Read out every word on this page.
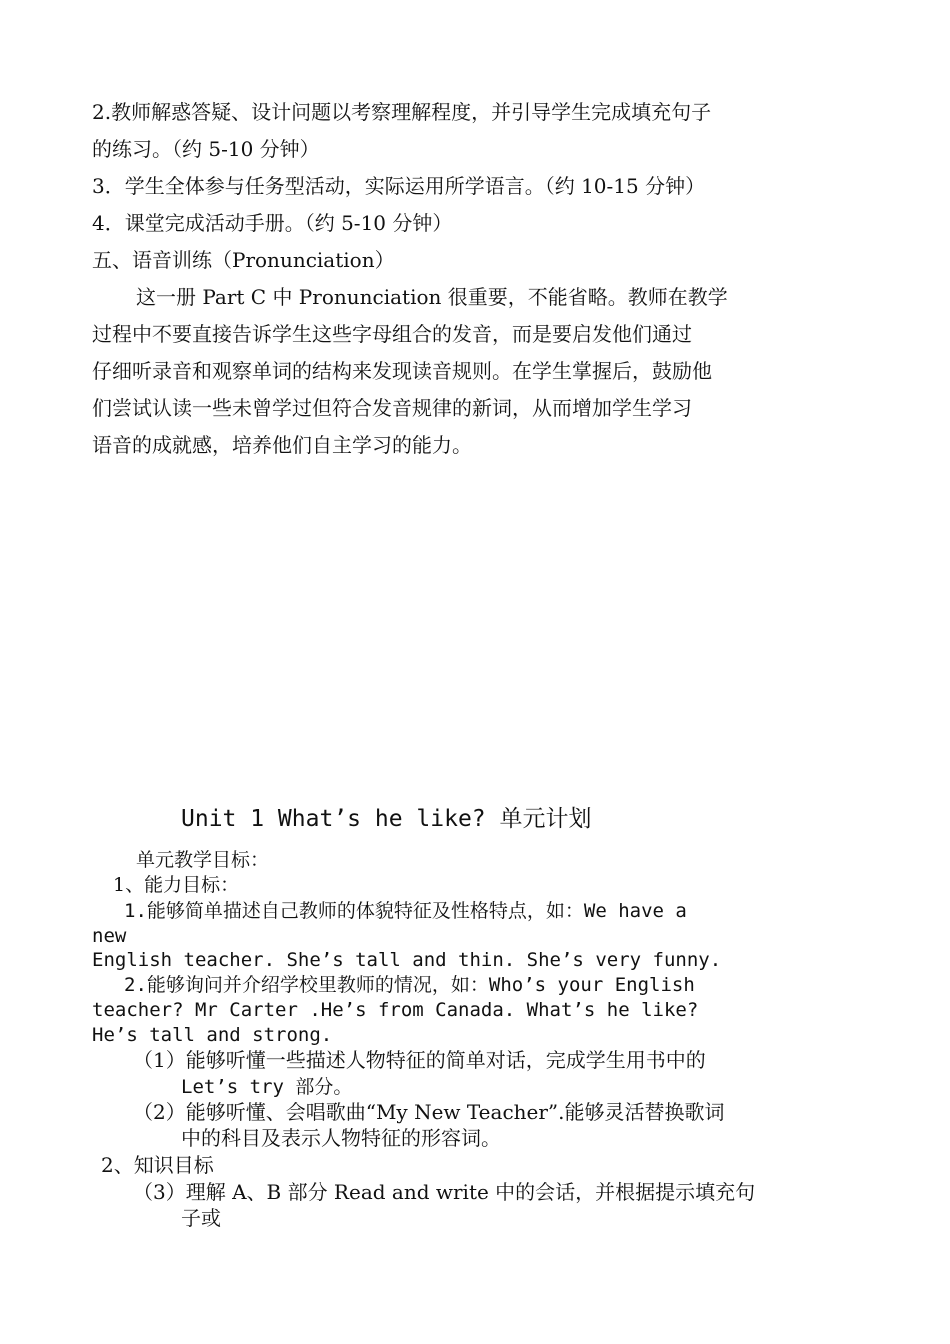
2.教师解惑答疑、设计问题以考察理解程度，并引导学生完成填充句子
的练习。（约 5-10 分钟）
3．学生全体参与任务型活动，实际运用所学语言。（约 10-15 分钟）
4．课堂完成活动手册。（约 5-10 分钟）
五、语音训练（Pronunciation）
这一册 Part C 中 Pronunciation 很重要，不能省略。教师在教学
过程中不要直接告诉学生这些字母组合的发音，而是要启发他们通过
仔细听录音和观察单词的结构来发现读音规则。在学生掌握后，鼓励他
们尝试认读一些未曾学过但符合发音规律的新词，从而增加学生学习
语音的成就感，培养他们自主学习的能力。
Unit 1 What’s he like? 单元计划
单元教学目标：
1、能力目标：
1.能够简单描述自己教师的体貌特征及性格特点，如：We have a
new
English teacher. She’s tall and thin. She’s very funny.
2.能够询问并介绍学校里教师的情况，如：Who’s your English
teacher? Mr Carter .He’s from Canada. What’s he like?
He’s tall and strong.
（1）能够听懂一些描述人物特征的简单对话，完成学生用书中的
Let’s try 部分。
（2）能够听懂、会唱歌曲“My New Teacher”.能够灵活替换歌词
中的科目及表示人物特征的形容词。
2、知识目标
（3）理解 A、B 部分 Read and write 中的会话，并根据提示填充句
子或
